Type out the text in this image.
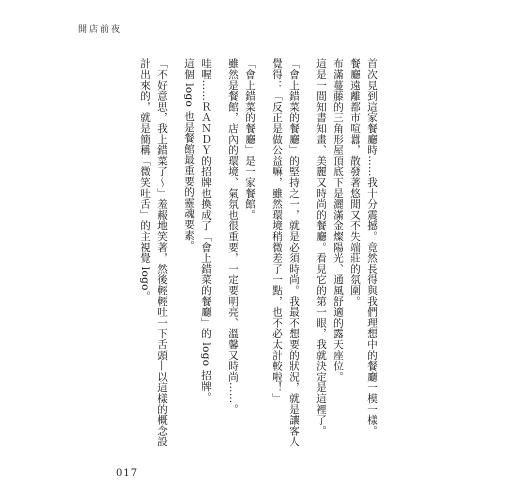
開店前夜

首次見到這家餐廳時……我十分震撼。竟然長得與我們理想中的餐廳一模一樣。

餐廳遠離都市喧囂，散發著悠閒又不失端莊的氛圍。

布滿蔓藤的三角形屋頂底下是灑滿金燦陽光、通風舒適的露天座位。

這是一間知書知畫、美麗又時尚的餐廳。看見它的第一眼，我就決定是這裡了。

「會上錯菜的餐廳」的堅持之一，就是必須時尚。我最不想要的狀況，就是讓客人覺得：「反正是做公益嘛，雖然環境稍微差了一點，也不必太計較啦！」

「會上錯菜的餐廳」是一家餐館。

雖然是餐館，店內的環境、氣氛也很重要，一定要明亮、溫馨又時尚……。

哇喔……ＲＡＮＤＹ的招牌也換成了「會上錯菜的餐廳」的 logo 招牌。

這個 logo 也是餐館最重要的靈魂要素。

「不好意思，我上錯菜了～」羞赧地笑著，然後輕輕吐一下舌頭—以這樣的概念設計出來的，就是簡稱「微笑吐舌」的主視覺 logo。

017
